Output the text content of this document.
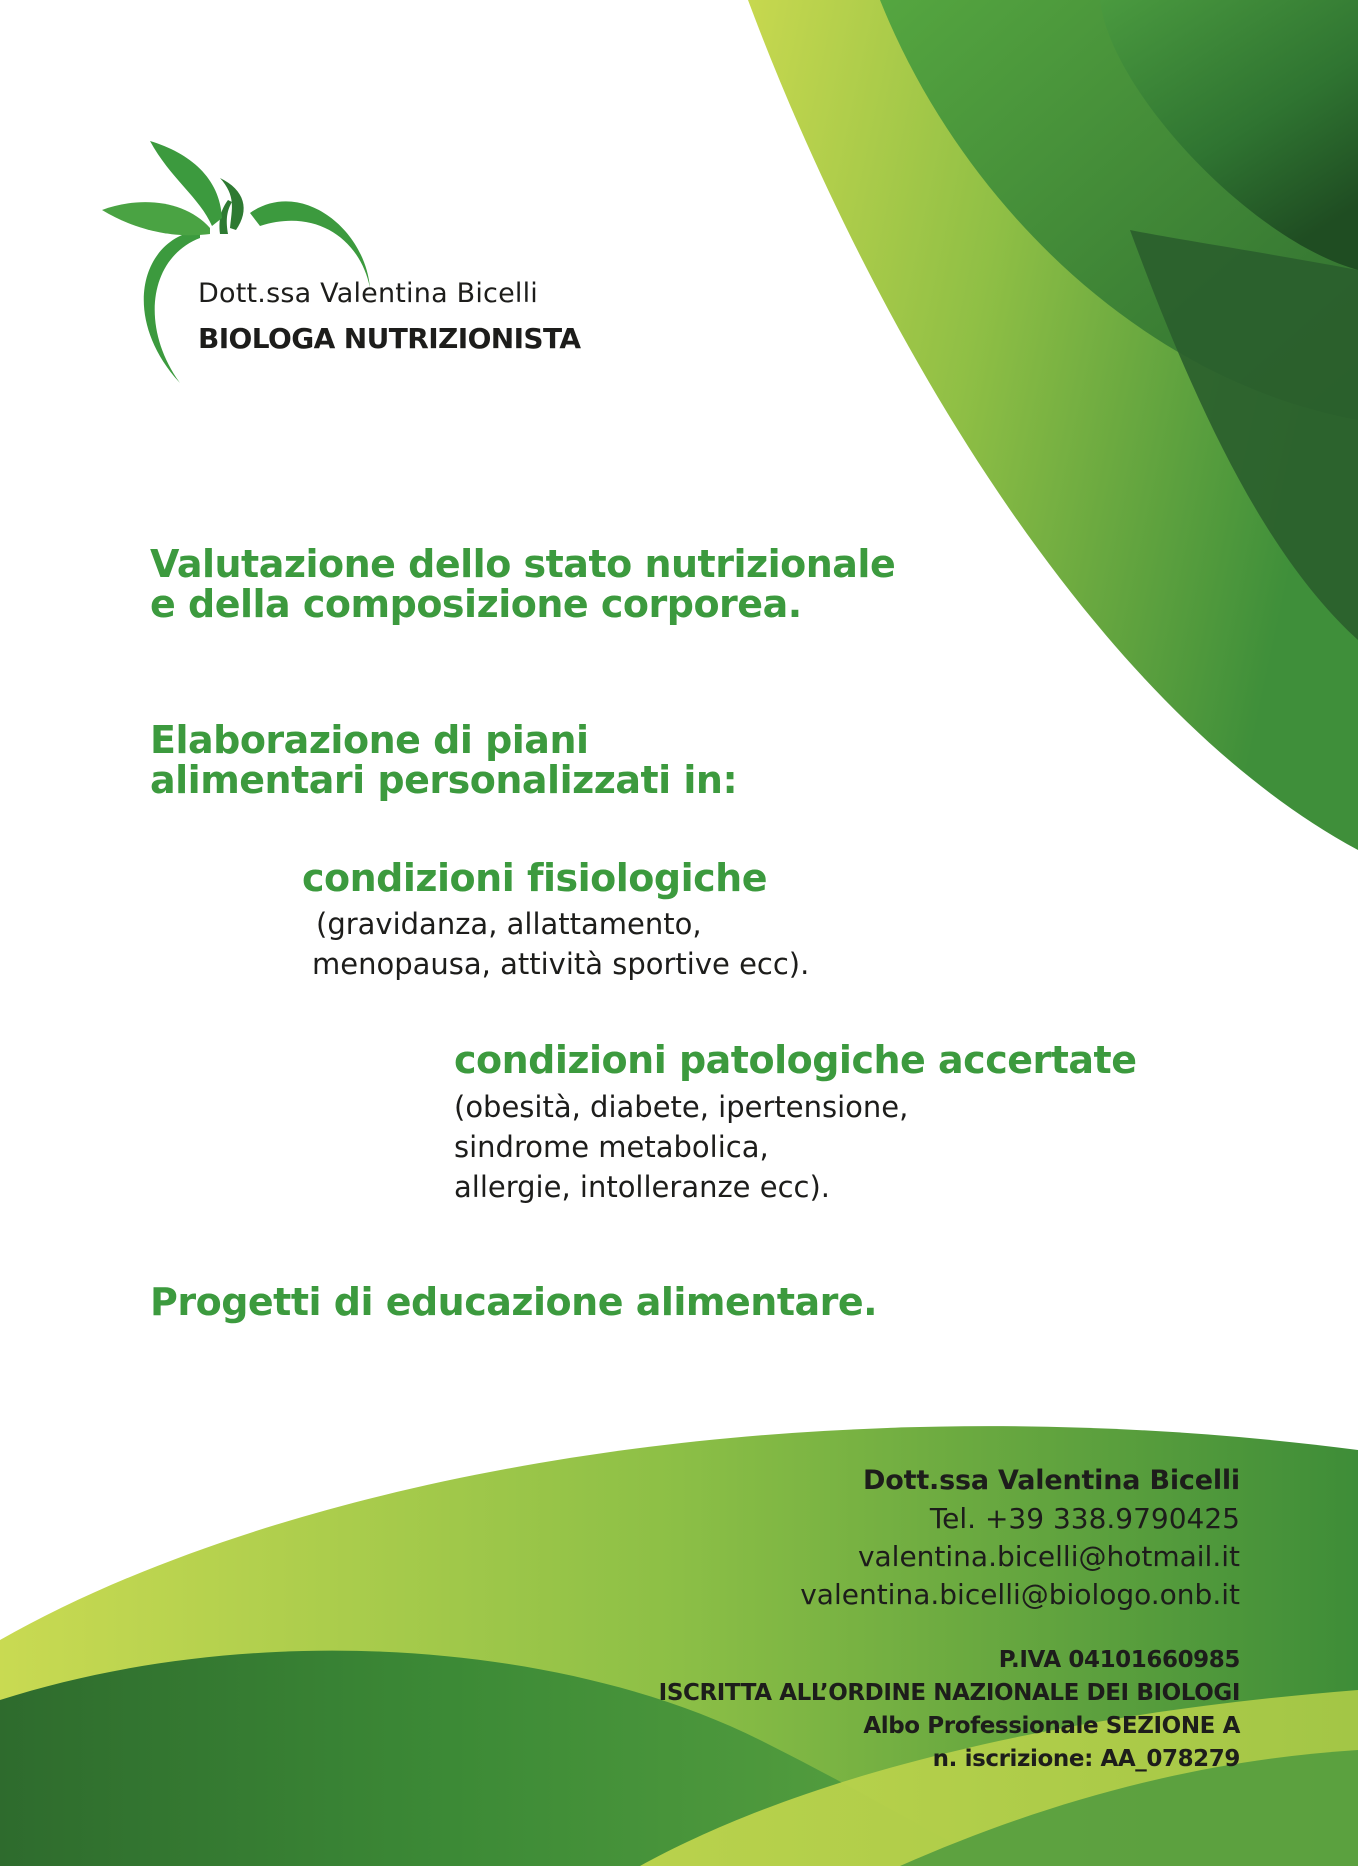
Dott.ssa Valentina Bicelli

BIOLOGA NUTRIZIONISTA

Valutazione dello stato nutrizionale
e della composizione corporea.
Elaborazione di piani
alimentari personalizzati in:
condizioni fisiologiche

(gravidanza, allattamento,
menopausa, attività sportive ecc).

condizioni patologiche accertate

(obesità, diabete, ipertensione,
sindrome metabolica,
allergie, intolleranze ecc).

Progetti di educazione alimentare.
Dott.ssa Valentina Bicelli
Tel. +39 338.9790425
valentina.bicelli@hotmail.it
valentina.bicelli@biologo.onb.it
P.IVA 04101660985
ISCRITTA ALL’ORDINE NAZIONALE DEI BIOLOGI
Albo Professionale SEZIONE A
n. iscrizione: AA_078279
